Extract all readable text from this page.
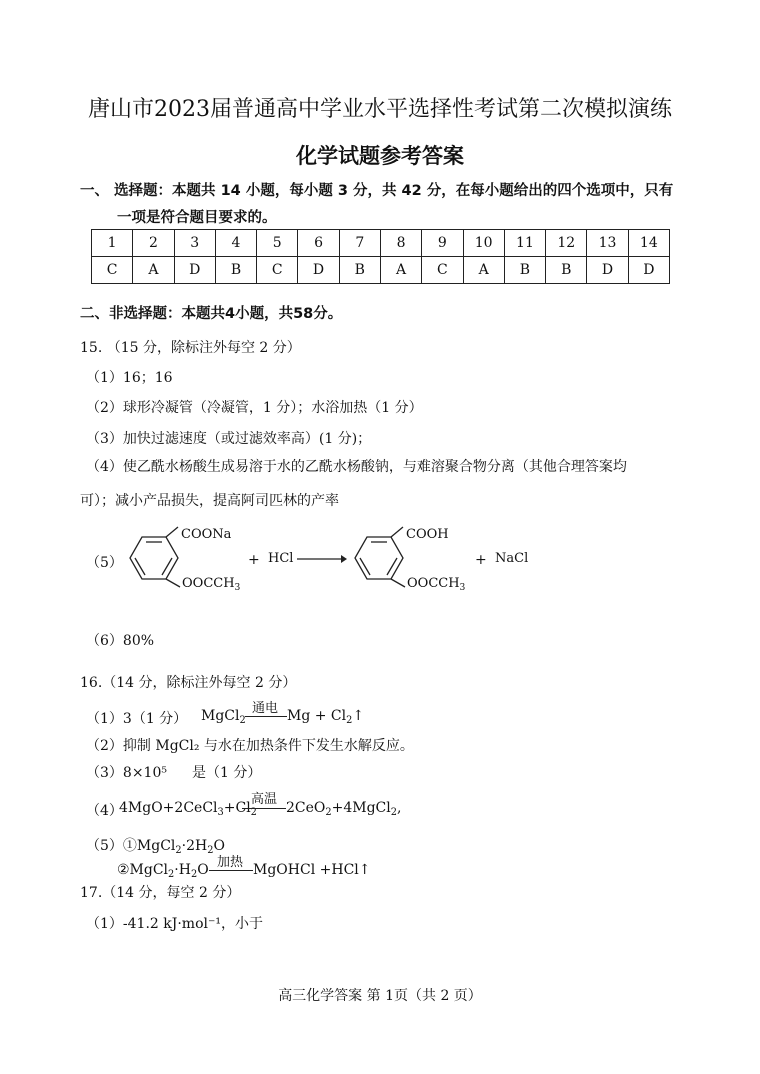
唐山市2023届普通高中学业水平选择性考试第二次模拟演练
化学试题参考答案
一、 选择题：本题共 14 小题，每小题 3 分，共 42 分，在每小题给出的四个选项中，只有
一项是符合题目要求的。
1	2	3	4	5	6	7	8	9	10	11	12	13	14
C	A	D	B	C	D	B	A	C	A	B	B	D	D
二、非选择题：本题共4小题，共58分。
15. （15 分，除标注外每空 2 分）
（1）16；16
（2）球形冷凝管（冷凝管，1 分）；水浴加热（1 分）
（3）加快过滤速度（或过滤效率高）(1 分)；
（4）使乙酰水杨酸生成易溶于水的乙酰水杨酸钠，与难溶聚合物分离（其他合理答案均
可）；减小产品损失，提高阿司匹林的产率
（5）
COONa
$OOCCH_3$
+ HCl →
COOH
$OOCCH_3$
+ NaCl
（6）80%
16.（14 分，除标注外每空 2 分）
（1）3（1 分） MgCl$_2$
通电 $Mg + Cl_2↑$
（2）抑制 MgCl₂ 与水在加热条件下发生水解反应。
（3）8×10⁵ 是（1 分）
（4）
$4MgO+2CeCl_3+Cl_2$
高温
2CeO$_2$+4MgCl$_2$,
$(5)①MgCl_2\cdot 2H_2O$
$②MgCl_2\cdot H_2O$ 加热 MgOHCl +HCl↑
17.（14 分，每空 2 分）
（1）-41.2 kJ·mol⁻¹，小于
高三化学答案 第 1页（共 2 页）
